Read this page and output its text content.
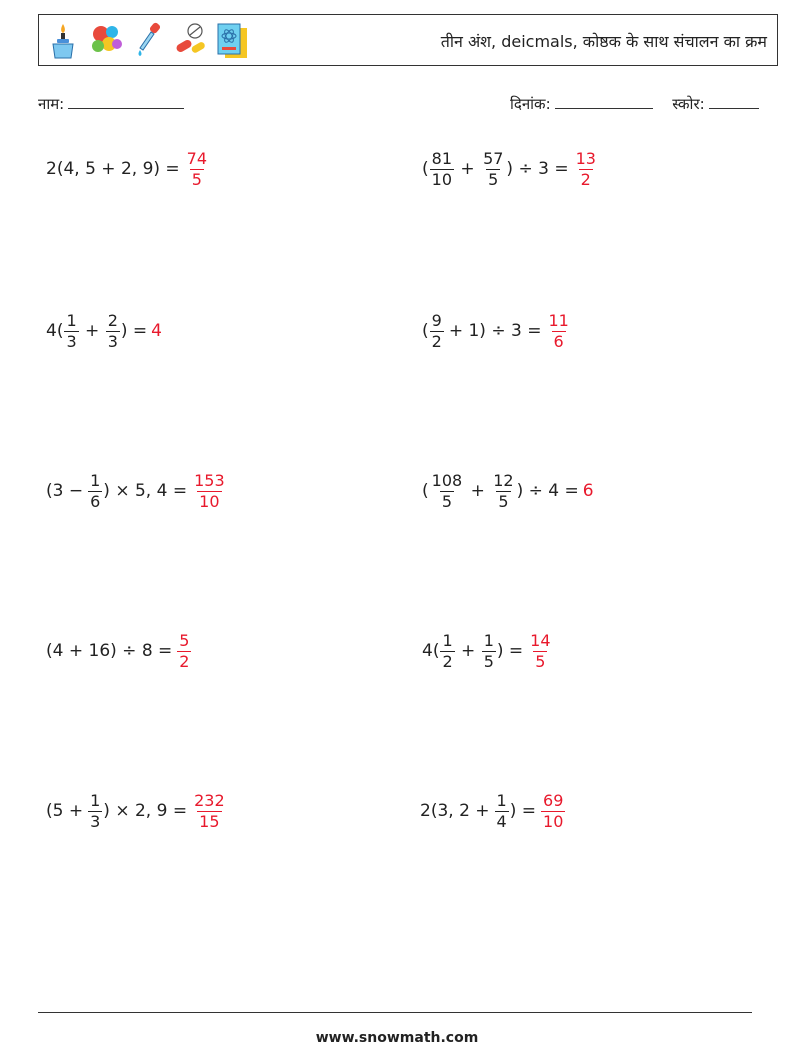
तीन अंश, deicmals, कोष्ठक के साथ संचालन का क्रम
नाम:	दिनांक:	स्कोर:
2(4, 5 + 2, $9) = \frac{74}{5}$	( $\frac{81}{10} + \frac{57}{5}$ ) ÷ $3 = \frac{13}{2}$
$4( \frac{1}{3} + \frac{2}{3}$ ) = 4	( $\frac{9}{2} + 1) \div 3 = \frac{11}{6}$
($3 - \frac{1}{6}$ ) × 5, $4 = \frac{153}{10}$	( $\frac{108}{5} + \frac{12}{5}$ ) ÷ 4 = 6
$(4 + 16) \div 8 = \frac{5}{2}$	$4( \frac{1}{2} + \frac{1}{5}$ ) = $\frac{14}{5}$
($5 + \frac{1}{3}$ ) × 2, $9 = \frac{232}{15}$	2(3, $2 + \frac{1}{4}$ ) = $\frac{69}{10}$
www.snowmath.com
